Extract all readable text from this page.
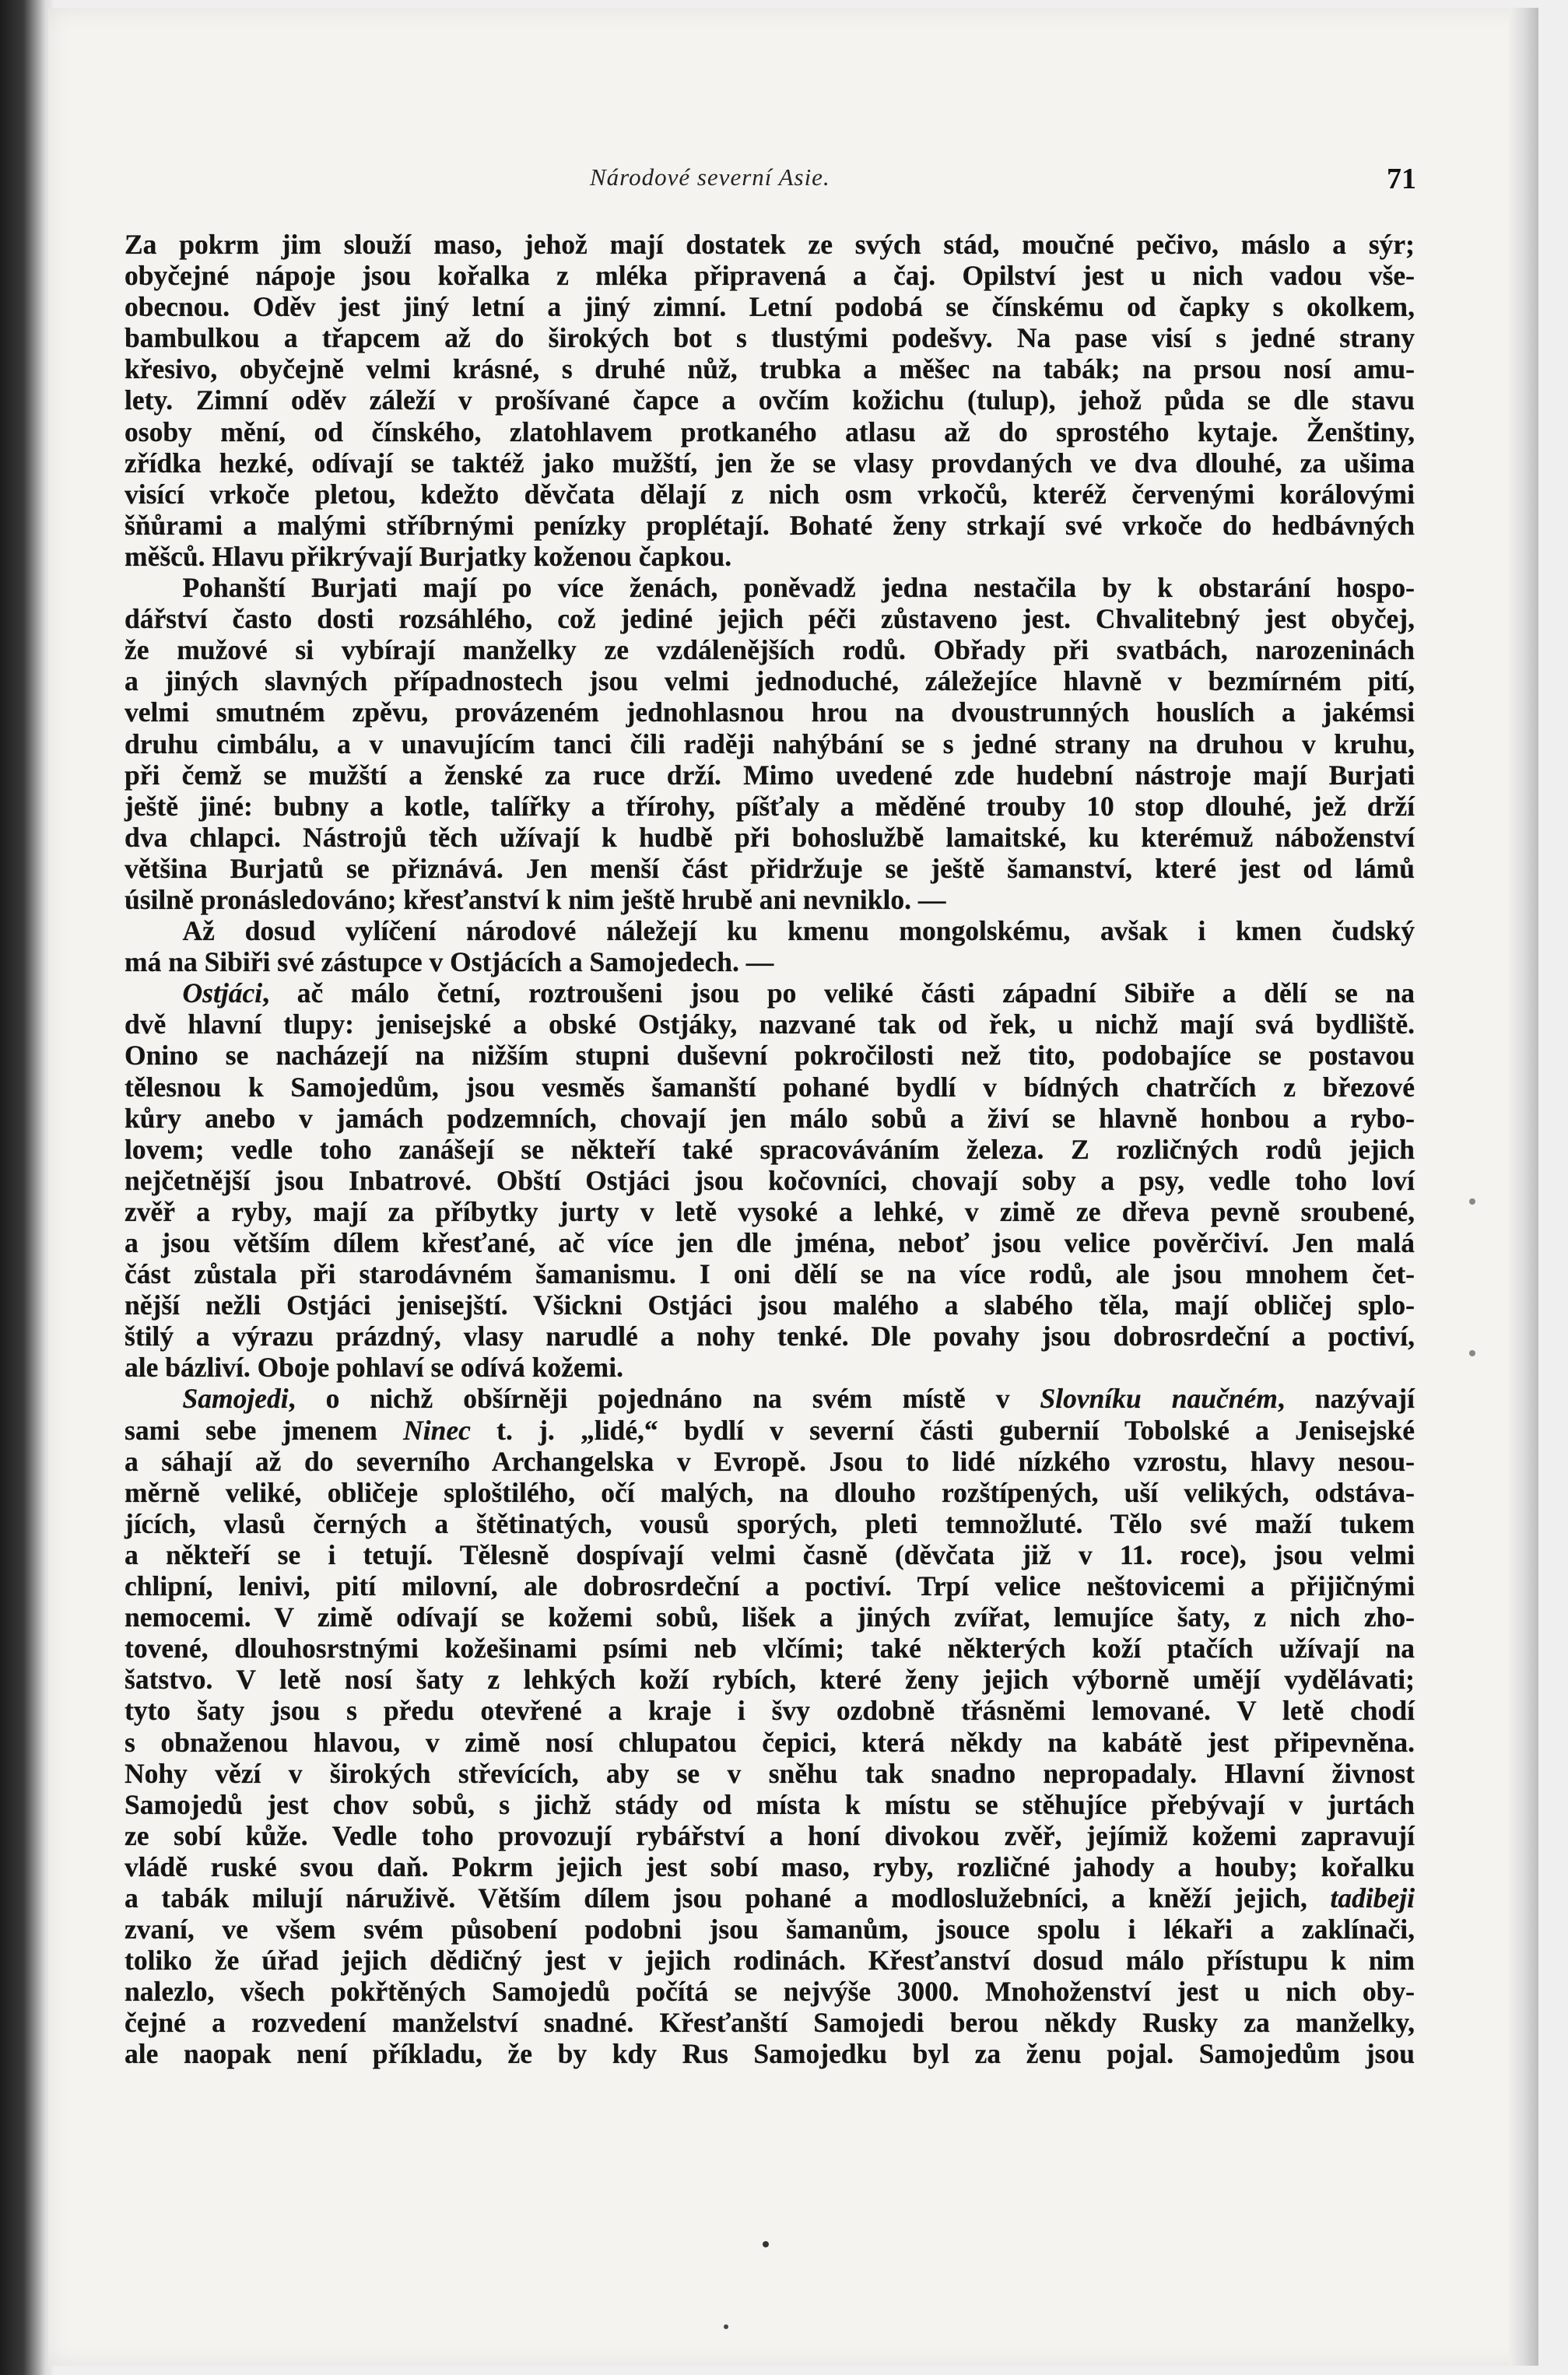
Národové severní Asie.	71
Za pokrm jim slouží maso, jehož mají dostatek ze svých stád, moučné pečivo, máslo a sýr;
obyčejné nápoje jsou kořalka z mléka připravená a čaj. Opilství jest u nich vadou vše-
obecnou. Oděv jest jiný letní a jiný zimní. Letní podobá se čínskému od čapky s okolkem,
bambulkou a třapcem až do širokých bot s tlustými podešvy. Na pase visí s jedné strany
křesivo, obyčejně velmi krásné, s druhé nůž, trubka a měšec na tabák; na prsou nosí amu-
lety. Zimní oděv záleží v prošívané čapce a ovčím kožichu (tulup), jehož půda se dle stavu
osoby mění, od čínského, zlatohlavem protkaného atlasu až do sprostého kytaje. Ženštiny,
zřídka hezké, odívají se taktéž jako mužští, jen že se vlasy provdaných ve dva dlouhé, za ušima
visící vrkoče pletou, kdežto děvčata dělají z nich osm vrkočů, kteréž červenými korálovými
šňůrami a malými stříbrnými penízky proplétají. Bohaté ženy strkají své vrkoče do hedbávných
měšců. Hlavu přikrývají Burjatky koženou čapkou.
Pohanští Burjati mají po více ženách, poněvadž jedna nestačila by k obstarání hospo-
dářství často dosti rozsáhlého, což jediné jejich péči zůstaveno jest. Chvalitebný jest obyčej,
že mužové si vybírají manželky ze vzdálenějších rodů. Obřady při svatbách, narozeninách
a jiných slavných případnostech jsou velmi jednoduché, záležejíce hlavně v bezmírném pití,
velmi smutném zpěvu, provázeném jednohlasnou hrou na dvoustrunných houslích a jakémsi
druhu cimbálu, a v unavujícím tanci čili raději nahýbání se s jedné strany na druhou v kruhu,
při čemž se mužští a ženské za ruce drží. Mimo uvedené zde hudební nástroje mají Burjati
ještě jiné: bubny a kotle, talířky a třírohy, píšťaly a měděné trouby 10 stop dlouhé, jež drží
dva chlapci. Nástrojů těch užívají k hudbě při bohoslužbě lamaitské, ku kterémuž náboženství
většina Burjatů se přiznává. Jen menší část přidržuje se ještě šamanství, které jest od lámů
úsilně pronásledováno; křesťanství k nim ještě hrubě ani nevniklo. —
Až dosud vylíčení národové náležejí ku kmenu mongolskému, avšak i kmen čudský
má na Sibiři své zástupce v Ostjácích a Samojedech. —
Ostjáci, ač málo četní, roztroušeni jsou po veliké části západní Sibiře a dělí se na
dvě hlavní tlupy: jenisejské a obské Ostjáky, nazvané tak od řek, u nichž mají svá bydliště.
Onino se nacházejí na nižším stupni duševní pokročilosti než tito, podobajíce se postavou
tělesnou k Samojedům, jsou vesměs šamanští pohané bydlí v bídných chatrčích z březové
kůry anebo v jamách podzemních, chovají jen málo sobů a živí se hlavně honbou a rybo-
lovem; vedle toho zanášejí se někteří také spracováváním železa. Z rozličných rodů jejich
nejčetnější jsou Inbatrové. Obští Ostjáci jsou kočovníci, chovají soby a psy, vedle toho loví
zvěř a ryby, mají za příbytky jurty v letě vysoké a lehké, v zimě ze dřeva pevně sroubené,
a jsou větším dílem křesťané, ač více jen dle jména, neboť jsou velice pověrčiví. Jen malá
část zůstala při starodávném šamanismu. I oni dělí se na více rodů, ale jsou mnohem čet-
nější nežli Ostjáci jenisejští. Všickni Ostjáci jsou malého a slabého těla, mají obličej splo-
štilý a výrazu prázdný, vlasy narudlé a nohy tenké. Dle povahy jsou dobrosrdeční a poctiví,
ale bázliví. Oboje pohlaví se odívá kožemi.
Samojedi, o nichž obšírněji pojednáno na svém místě v Slovníku naučném, nazývají
sami sebe jmenem Ninec t. j. „lidé,“ bydlí v severní části gubernií Tobolské a Jenisejské
a sáhají až do severního Archangelska v Evropě. Jsou to lidé nízkého vzrostu, hlavy nesou-
měrně veliké, obličeje sploštilého, očí malých, na dlouho rozštípených, uší velikých, odstáva-
jících, vlasů černých a štětinatých, vousů sporých, pleti temnožluté. Tělo své maží tukem
a někteří se i tetují. Tělesně dospívají velmi časně (děvčata již v 11. roce), jsou velmi
chlipní, lenivi, pití milovní, ale dobrosrdeční a poctiví. Trpí velice neštovicemi a přijičnými
nemocemi. V zimě odívají se kožemi sobů, lišek a jiných zvířat, lemujíce šaty, z nich zho-
tovené, dlouhosrstnými kožešinami psími neb vlčími; také některých koží ptačích užívají na
šatstvo. V letě nosí šaty z lehkých koží rybích, které ženy jejich výborně umějí vydělávati;
tyto šaty jsou s předu otevřené a kraje i švy ozdobně třásněmi lemované. V letě chodí
s obnaženou hlavou, v zimě nosí chlupatou čepici, která někdy na kabátě jest připevněna.
Nohy vězí v širokých střevících, aby se v sněhu tak snadno nepropadaly. Hlavní živnost
Samojedů jest chov sobů, s jichž stády od místa k místu se stěhujíce přebývají v jurtách
ze sobí kůže. Vedle toho provozují rybářství a honí divokou zvěř, jejímiž kožemi zapravují
vládě ruské svou daň. Pokrm jejich jest sobí maso, ryby, rozličné jahody a houby; kořalku
a tabák milují náruživě. Větším dílem jsou pohané a modloslužebníci, a kněží jejich, tadibeji
zvaní, ve všem svém působení podobni jsou šamanům, jsouce spolu i lékaři a zaklínači,
toliko že úřad jejich dědičný jest v jejich rodinách. Křesťanství dosud málo přístupu k nim
nalezlo, všech pokřtěných Samojedů počítá se nejvýše 3000. Mnohoženství jest u nich oby-
čejné a rozvedení manželství snadné. Křesťanští Samojedi berou někdy Rusky za manželky,
ale naopak není příkladu, že by kdy Rus Samojedku byl za ženu pojal. Samojedům jsou
